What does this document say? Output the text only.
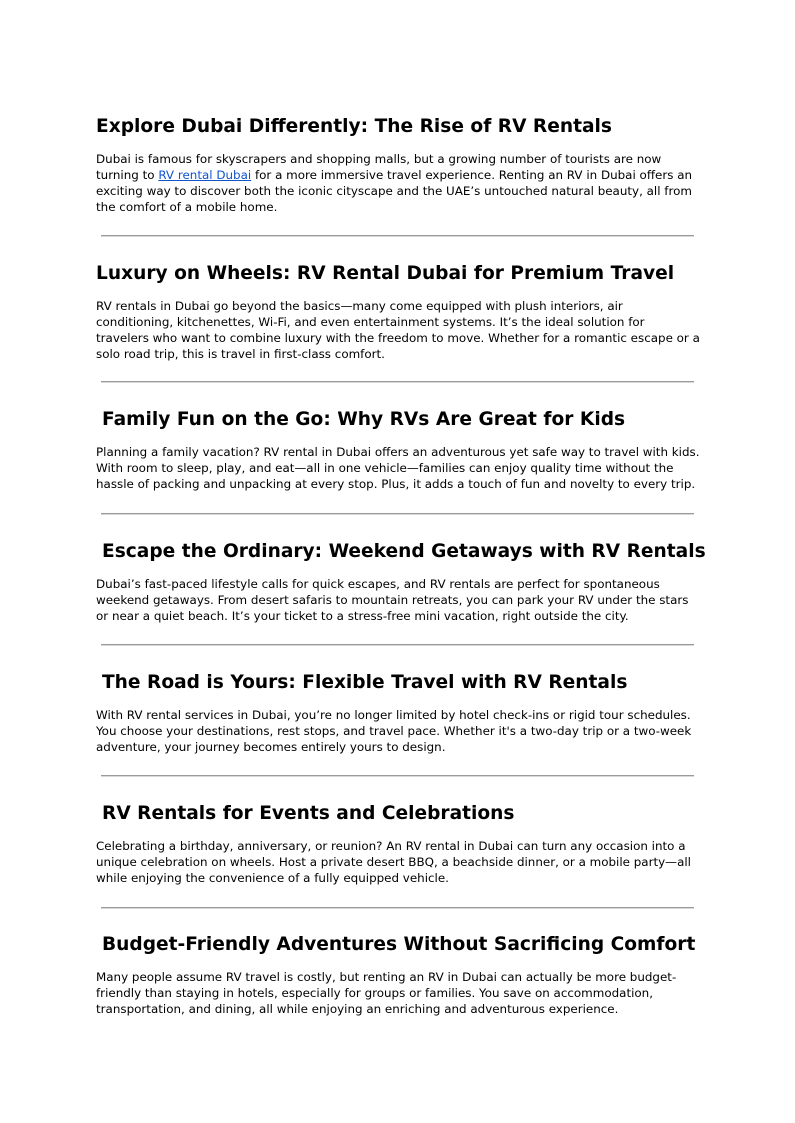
Explore Dubai Differently: The Rise of RV Rentals

Dubai is famous for skyscrapers and shopping malls, but a growing number of tourists are now turning to RV rental Dubai for a more immersive travel experience. Renting an RV in Dubai offers an exciting way to discover both the iconic cityscape and the UAE’s untouched natural beauty, all from the comfort of a mobile home.

Luxury on Wheels: RV Rental Dubai for Premium Travel

RV rentals in Dubai go beyond the basics—many come equipped with plush interiors, air conditioning, kitchenettes, Wi-Fi, and even entertainment systems. It’s the ideal solution for travelers who want to combine luxury with the freedom to move. Whether for a romantic escape or a solo road trip, this is travel in first-class comfort.

Family Fun on the Go: Why RVs Are Great for Kids

Planning a family vacation? RV rental in Dubai offers an adventurous yet safe way to travel with kids. With room to sleep, play, and eat—all in one vehicle—families can enjoy quality time without the hassle of packing and unpacking at every stop. Plus, it adds a touch of fun and novelty to every trip.

Escape the Ordinary: Weekend Getaways with RV Rentals

Dubai’s fast-paced lifestyle calls for quick escapes, and RV rentals are perfect for spontaneous weekend getaways. From desert safaris to mountain retreats, you can park your RV under the stars or near a quiet beach. It’s your ticket to a stress-free mini vacation, right outside the city.

The Road is Yours: Flexible Travel with RV Rentals

With RV rental services in Dubai, you’re no longer limited by hotel check-ins or rigid tour schedules. You choose your destinations, rest stops, and travel pace. Whether it's a two-day trip or a two-week adventure, your journey becomes entirely yours to design.

RV Rentals for Events and Celebrations

Celebrating a birthday, anniversary, or reunion? An RV rental in Dubai can turn any occasion into a unique celebration on wheels. Host a private desert BBQ, a beachside dinner, or a mobile party—all while enjoying the convenience of a fully equipped vehicle.

Budget-Friendly Adventures Without Sacrificing Comfort

Many people assume RV travel is costly, but renting an RV in Dubai can actually be more budget-friendly than staying in hotels, especially for groups or families. You save on accommodation, transportation, and dining, all while enjoying an enriching and adventurous experience.
